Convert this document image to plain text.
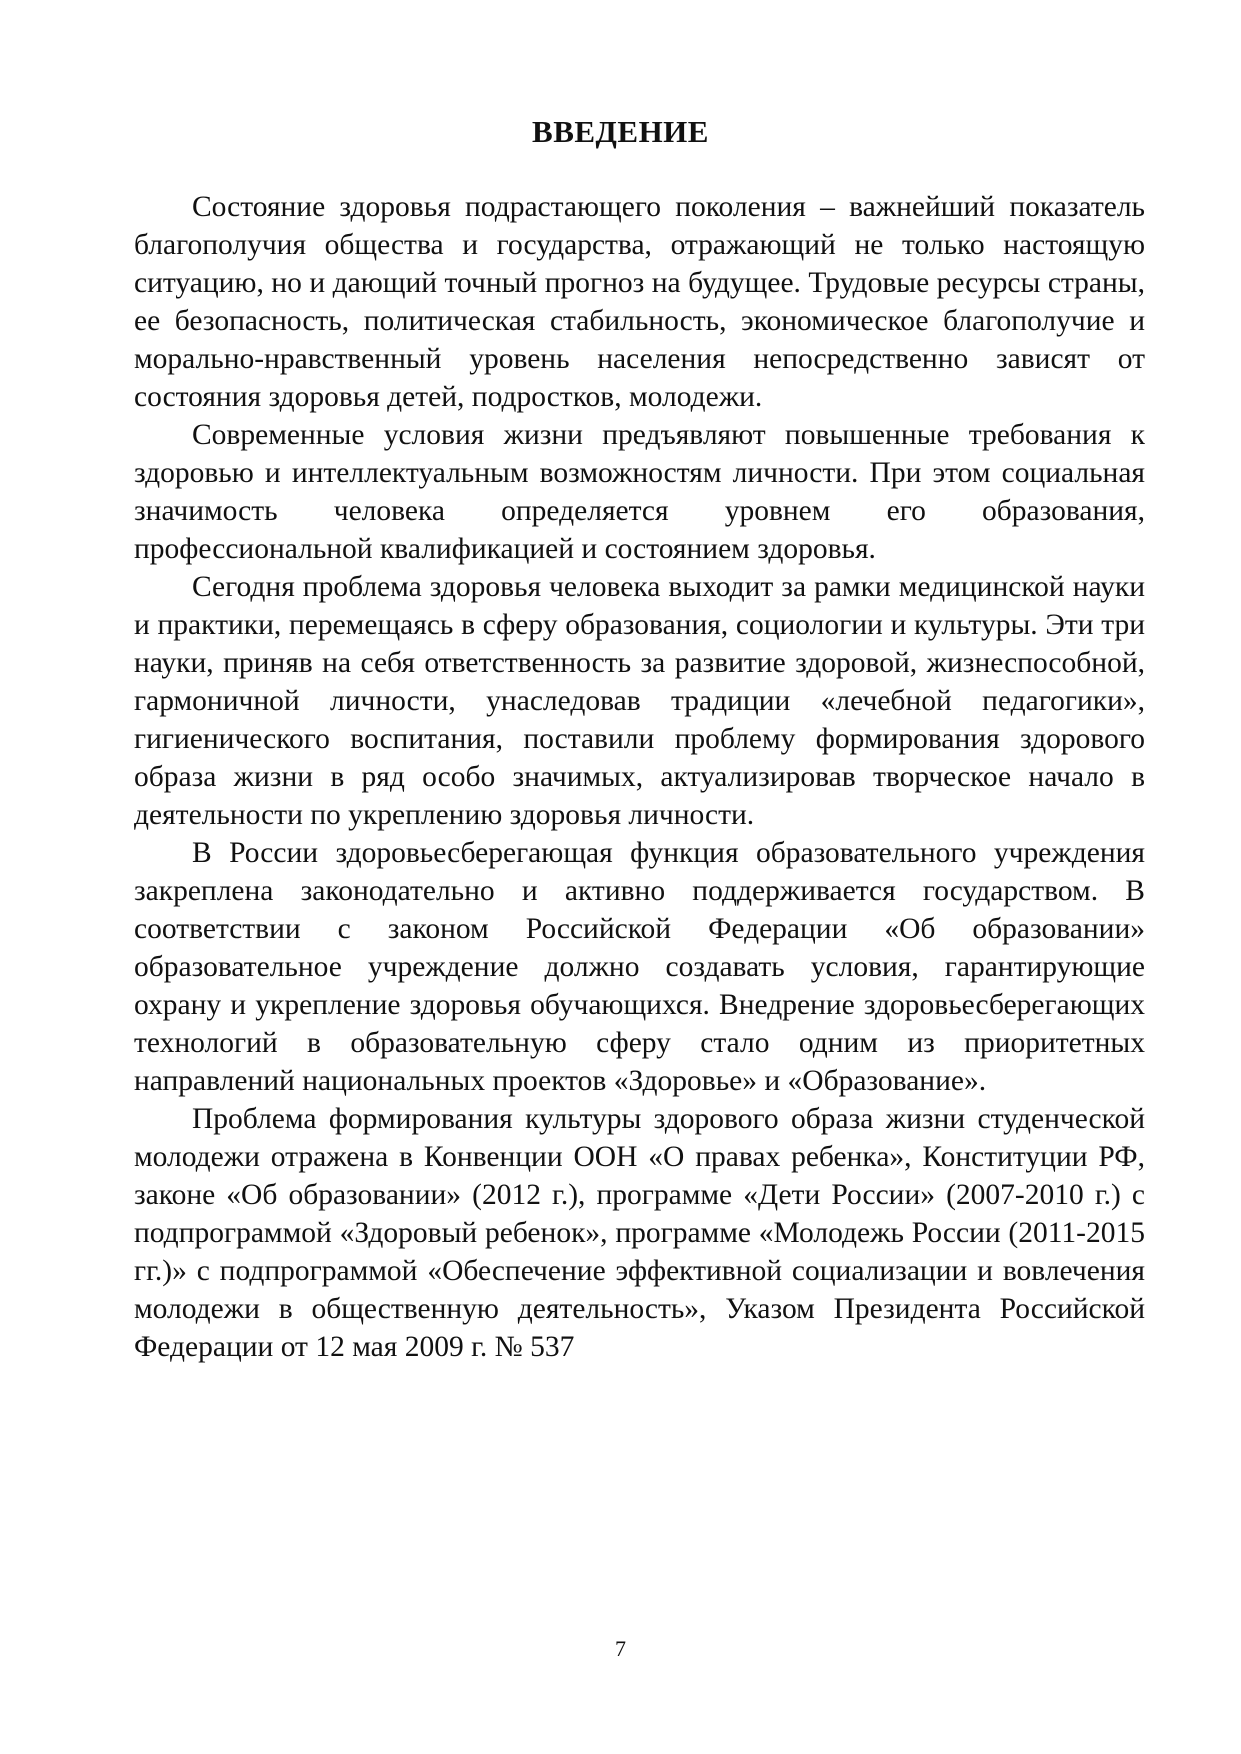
ВВЕДЕНИЕ

Состояние здоровья подрастающего поколения – важнейший показатель благополучия общества и государства, отражающий не только настоящую ситуацию, но и дающий точный прогноз на будущее. Трудовые ресурсы страны, ее безопасность, политическая стабильность, экономическое благополучие и морально-нравственный уровень населения непосредственно зависят от состояния здоровья детей, подростков, молодежи.

Современные условия жизни предъявляют повышенные требования к здоровью и интеллектуальным возможностям личности. При этом социальная значимость человека определяется уровнем его образования, профессиональной квалификацией и состоянием здоровья.

Сегодня проблема здоровья человека выходит за рамки медицинской науки и практики, перемещаясь в сферу образования, социологии и культуры. Эти три науки, приняв на себя ответственность за развитие здоровой, жизнеспособной, гармоничной личности, унаследовав традиции «лечебной педагогики», гигиенического воспитания, поставили проблему формирования здорового образа жизни в ряд особо значимых, актуализировав творческое начало в деятельности по укреплению здоровья личности.

В России здоровьесберегающая функция образовательного учреждения закреплена законодательно и активно поддерживается государством. В соответствии с законом Российской Федерации «Об образовании» образовательное учреждение должно создавать условия, гарантирующие охрану и укрепление здоровья обучающихся. Внедрение здоровьесберегающих технологий в образовательную сферу стало одним из приоритетных направлений национальных проектов «Здоровье» и «Образование».

Проблема формирования культуры здорового образа жизни студенческой молодежи отражена в Конвенции ООН «О правах ребенка», Конституции РФ, законе «Об образовании» (2012 г.), программе «Дети России» (2007-2010 г.) с подпрограммой «Здоровый ребенок», программе «Молодежь России (2011-2015 гг.)» с подпрограммой «Обеспечение эффективной социализации и вовлечения молодежи в общественную деятельность», Указом Президента Российской Федерации от 12 мая 2009 г. № 537

7
